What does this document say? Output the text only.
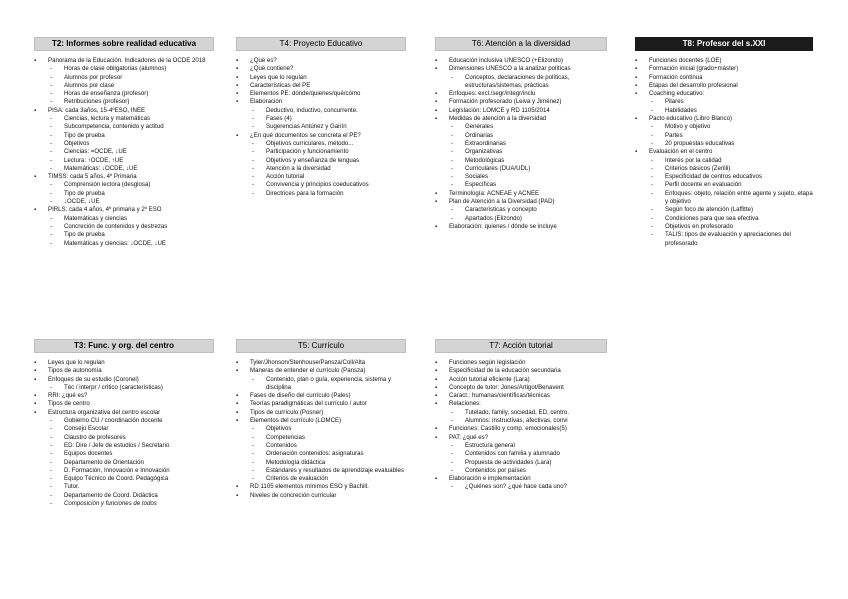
T2: Informes sobre realidad educativa
▪ Panorama de la Educación. Indicadores de la OCDE 2018
- Horas de clase obligatorias (alumnos)
- Alumnos por profesor
- Alumnos por clase
- Horas de enseñanza (profesor)
- Retribuciones (profesor)
▪ PISA: cada 3años, 15-4ºESO, INEE
- Ciencias, lectura y matemáticas
- Subcompetencia, contenido y actitud
- Tipo de prueba
- Objetivos
- Ciencias: =OCDE, ↓UE
- Lectura: ↑OCDE, ↑UE
- Matemáticas: ↓OCDE, ↓UE
▪ TIMSS: cada 5 años, 4º Primaria
- Comprensión lectora (desglosa)
- Tipo de prueba
- ↓OCDE, ↓UE
▪ PIRLS: cada 4 años, 4º primaria y 2º ESO
- Matemáticas y ciencias
- Concreción de contenidos y destrezas
- Tipo de prueba
- Matemáticas y ciencias: ↓OCDE, ↓UE
T4: Proyecto Educativo
▪ ¿Qué es?
▪ ¿Qué contiene?
▪ Leyes que lo regulan
▪ Características del PE
▪ Elementos PE: dónde/quienes/qué/cómo
▪ Elaboración
- Deductivo, inductivo, concurrente.
- Fases (4)
- Sugerencias Antúnez y Gairín
▪ ¿En qué documentos se concreta el PE?
- Objetivos curriculares, método...
- Participación y funcionamiento
- Objetivos y enseñanza de lenguas
- Atención a la diversidad
- Acción tutorial
- Convivencia y principios coeducativos
- Directrices para la formación
T6: Atención a la diversidad
▪ Educación inclusiva UNESCO (+Elizondo)
▪ Dimensiones UNESCO a la analizar políticas
- Conceptos, declaraciones de políticas, estructuras/sistemas, prácticas
▪ Enfoques: excl./segr/integr/inclu
▪ Formación profesorado (Leiva y Jiménez)
▪ Legislación: LOMCE y RD 1105/2014
▪ Medidas de atención a la diversidad
- Generales
- Ordinarias
- Extraordinarias
- Organizativas
- Metodológicas
- Curriculares (DUA/UDL)
- Sociales
- Específicas
▪ Terminología: ACNEAE y ACNEE
▪ Plan de Atención a la Diversidad (PAD)
- Características y concepto
- Apartados (Elizondo)
▪ Elaboración: quienes / dónde se incluye
T8: Profesor del s.XXI
▪ Funciones docentes (LOE)
▪ Formación inicial (grado+máster)
▪ Formación continua
▪ Etapas del desarrollo profesional
▪ Coaching educativo:
- Pilares
- Habilidades
▪ Pacto educativo (Libro Blanco)
- Motivo y objetivo
- Partes
- 20 propuestas educativas
▪ Evaluación en el centro
- Interés por la calidad
- Criterios básicos (Zerilli)
- Especificidad de centros educativos
- Perfil docente en evaluación
- Enfoques: objeto, relación entre agente y sujeto, etapa y objetivo
- Según foco de atención (Laffitte)
- Condiciones para que sea efectiva
- Objetivos en profesorado
- TALIS: tipos de evaluación y apreciaciones del profesorado
T3: Func. y org. del centro
▪ Leyes que lo regulan
▪ Tipos de autonomía
▪ Enfoques de su estudio (Coronel)
- Téc / interpr / crítico (características)
▪ RRI: ¿qué es?
▪ Tipos de centro
▪ Estructura organizativa del centro escolar
- Gobierno CU / coordinación docente
- Consejo Escolar
- Claustro de profesores
- ED: Dire / Jefe de estudios / Secretario
- Equipos docentes
- Departamento de Orientación
- D. Formación, Innovación e Innovación
- Equipo Técnico de Coord. Pedagógica
- Tutor.
- Departamento de Coord. Didáctica
- Composición y funciones de todos
T5: Currículo
▪ Tyler/Jhonson/Stenhouse/Pansza/Coll/Alta
▪ Maneras de entender el currículo (Pansza)
- Contenido, plan o guía, experiencia, sistema y disciplina
▪ Fases de diseño del currículo (Pales)
▪ Teorías paradigmáticas del currículo / autor
▪ Tipos de currículo (Posner)
▪ Elementos del currículo (LOMCE)
- Objetivos
- Competencias
- Contenidos
- Ordenación contenidos: asignaturas
- Metodología didáctica
- Estándares y resultados de aprendizaje evaluables
- Criterios de evaluación
▪ RD 1105 elementos mínimos ESO y Bachill.
▪ Niveles de concreción curricular
T7: Acción tutorial
▪ Funciones según legislación
▪ Especificidad de la educación secundaria
▪ Acción tutorial eficiente (Lara)
▪ Concepto de tutor: Jones/Artigot/Benavent
▪ Caract.: humanas/científicas/técnicas
▪ Relaciones:
- Tutelado, family, sociedad, ED, centro.
- Alumnos: instructivas, afectivas, convi
▪ Funciones: Castillo y comp. emocionales(5)
▪ PAT: ¿qué es?
- Estructura general
- Contenidos con familia y alumnado
- Propuesta de actividades (Lara)
- Contenidos por países
▪ Elaboración e implementación
- ¿Quiénes son? ¿qué hace cada uno?
